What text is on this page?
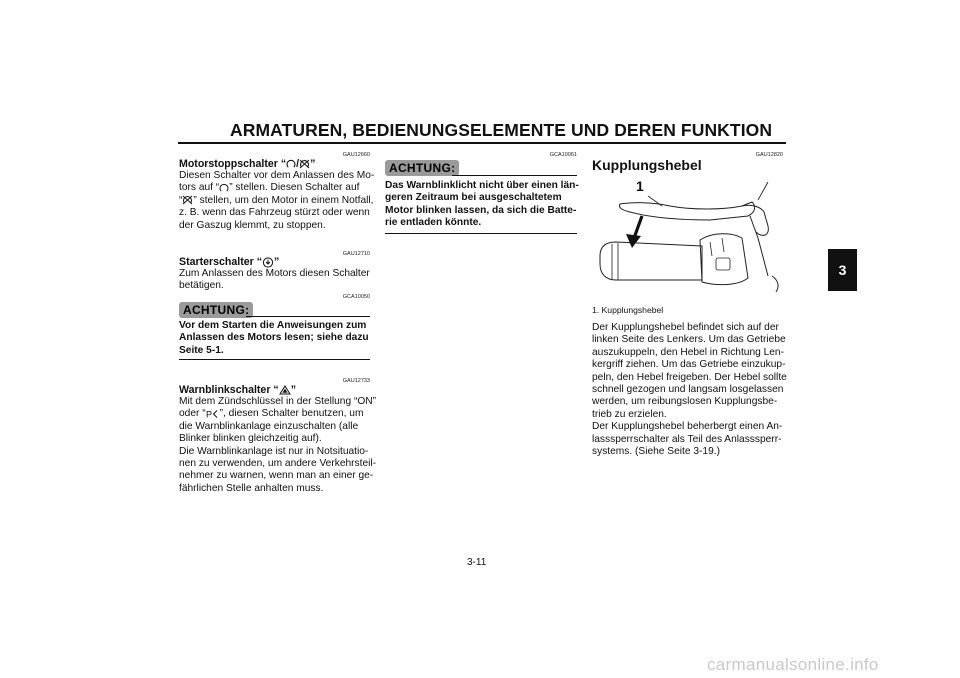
ARMATUREN, BEDIENUNGSELEMENTE UND DEREN FUNKTION
3
GAU12660
Motorstoppschalter “ / ”
Diesen Schalter vor dem Anlassen des Mo-
tors auf “ ” stellen. Diesen Schalter auf
“ ” stellen, um den Motor in einem Notfall,
z. B. wenn das Fahrzeug stürzt oder wenn
der Gaszug klemmt, zu stoppen.
GAU12710
Starterschalter “ ”
Zum Anlassen des Motors diesen Schalter
betätigen.
GCA10050
ACHTUNG:
Vor dem Starten die Anweisungen zum
Anlassen des Motors lesen; siehe dazu
Seite 5-1.
GAU12733
Warnblinkschalter “ ”
Mit dem Zündschlüssel in der Stellung “ON”
oder “ P ”, diesen Schalter benutzen, um
die Warnblinkanlage einzuschalten (alle
Blinker blinken gleichzeitig auf).
Die Warnblinkanlage ist nur in Notsituatio-
nen zu verwenden, um andere Verkehrsteil-
nehmer zu warnen, wenn man an einer ge-
fährlichen Stelle anhalten muss.
GCA10061
ACHTUNG:
Das Warnblinklicht nicht über einen län-
geren Zeitraum bei ausgeschaltetem
Motor blinken lassen, da sich die Batte-
rie entladen könnte.
GAU12820
Kupplungshebel
1
1. Kupplungshebel
Der Kupplungshebel befindet sich auf der
linken Seite des Lenkers. Um das Getriebe
auszukuppeln, den Hebel in Richtung Len-
kergriff ziehen. Um das Getriebe einzukup-
peln, den Hebel freigeben. Der Hebel sollte
schnell gezogen und langsam losgelassen
werden, um reibungslosen Kupplungsbe-
trieb zu erzielen.
Der Kupplungshebel beherbergt einen An-
lasssperrschalter als Teil des Anlasssperr-
systems. (Siehe Seite 3-19.)
3-11
carmanualsonline.info
